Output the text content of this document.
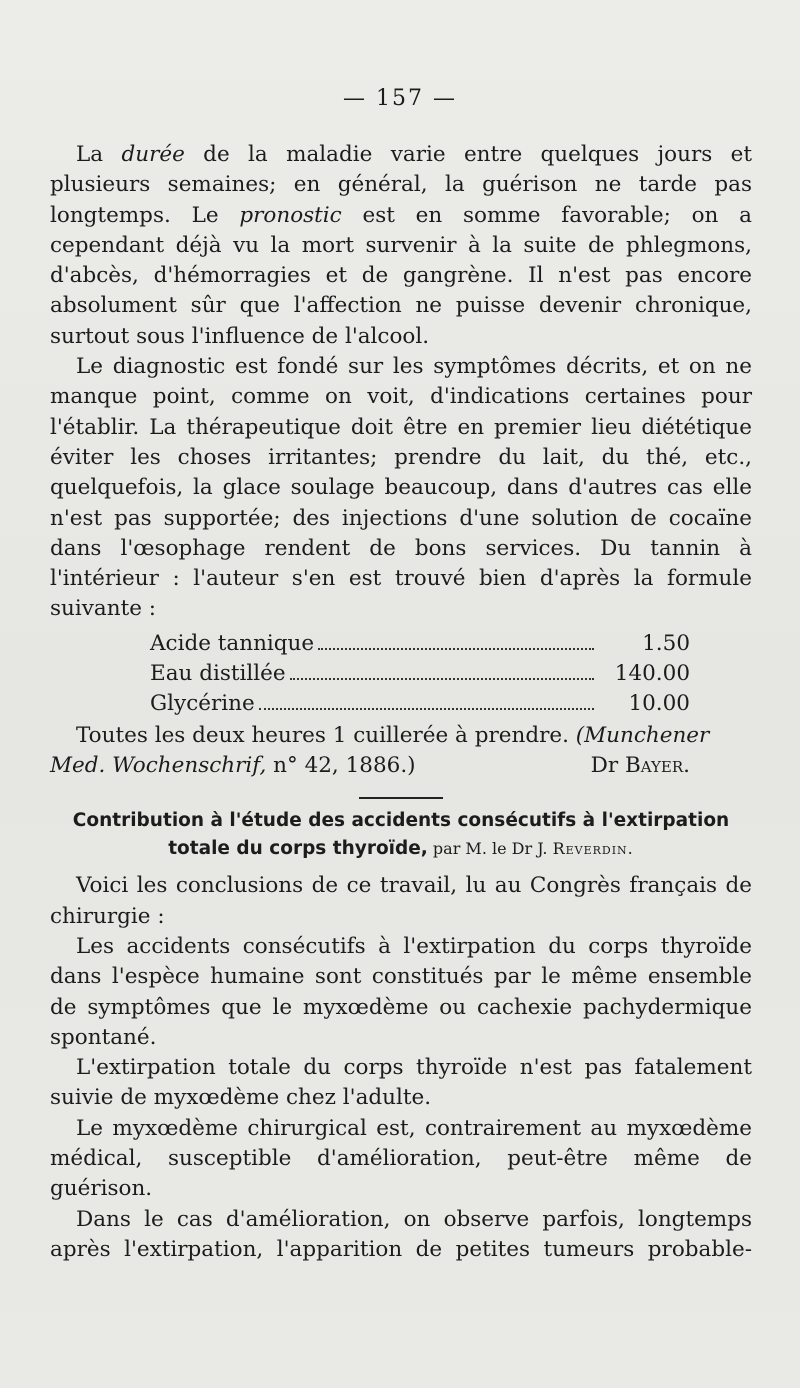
— 157 —

La durée de la maladie varie entre quelques jours et plusieurs semaines; en général, la guérison ne tarde pas longtemps. Le pronostic est en somme favorable; on a cependant déjà vu la mort survenir à la suite de phlegmons, d'abcès, d'hémorragies et de gangrène. Il n'est pas encore absolument sûr que l'affection ne puisse devenir chronique, surtout sous l'influence de l'alcool.

Le diagnostic est fondé sur les symptômes décrits, et on ne manque point, comme on voit, d'indications certaines pour l'établir. La thérapeutique doit être en premier lieu diététique éviter les choses irritantes; prendre du lait, du thé, etc., quelquefois, la glace soulage beaucoup, dans d'autres cas elle n'est pas supportée; des injections d'une solution de cocaïne dans l'œsophage rendent de bons services. Du tannin à l'intérieur : l'auteur s'en est trouvé bien d'après la formule suivante :

Acide tannique	1.50
Eau distillée	140.00
Glycérine	10.00

Toutes les deux heures 1 cuillerée à prendre. (Munchener

Med. Wochenschrif, n° 42, 1886.)	Dr Bayer.
Contribution à l'étude des accidents consécutifs à l'extirpation totale du corps thyroïde, par M. le Dr J. Reverdin.

Voici les conclusions de ce travail, lu au Congrès français de chirurgie :

Les accidents consécutifs à l'extirpation du corps thyroïde dans l'espèce humaine sont constitués par le même ensemble de symptômes que le myxœdème ou cachexie pachydermique spontané.

L'extirpation totale du corps thyroïde n'est pas fatalement suivie de myxœdème chez l'adulte.

Le myxœdème chirurgical est, contrairement au myxœdème médical, susceptible d'amélioration, peut-être même de guérison.

Dans le cas d'amélioration, on observe parfois, longtemps après l'extirpation, l'apparition de petites tumeurs probable-
